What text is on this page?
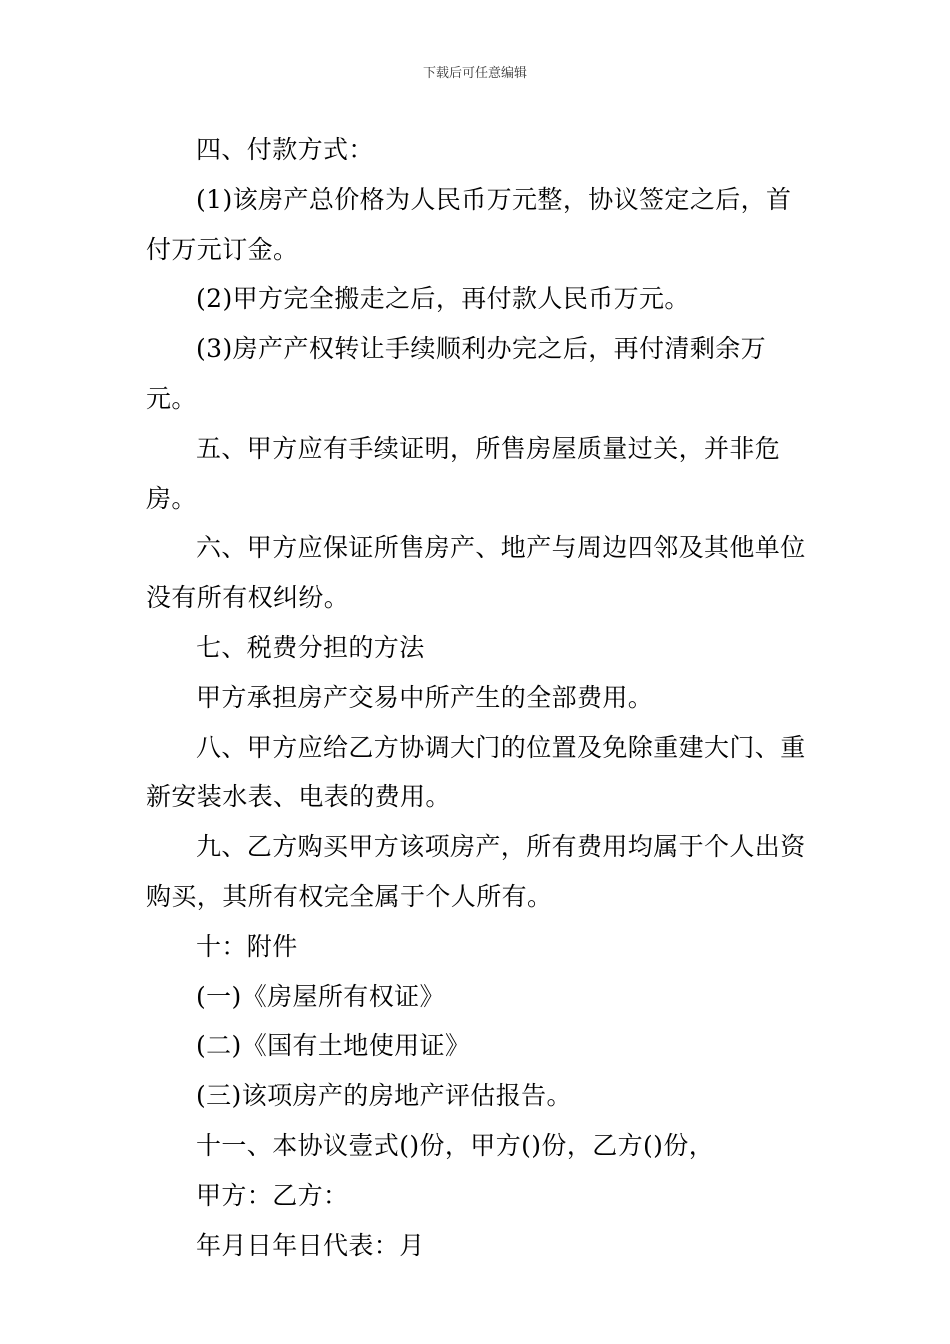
下载后可任意编辑

四、付款方式：

(1)该房产总价格为人民币万元整，协议签定之后，首付万元订金。

(2)甲方完全搬走之后，再付款人民币万元。

(3)房产产权转让手续顺利办完之后，再付清剩余万元。

五、甲方应有手续证明，所售房屋质量过关，并非危房。

六、甲方应保证所售房产、地产与周边四邻及其他单位没有所有权纠纷。

七、税费分担的方法

甲方承担房产交易中所产生的全部费用。

八、甲方应给乙方协调大门的位置及免除重建大门、重新安装水表、电表的费用。

九、乙方购买甲方该项房产，所有费用均属于个人出资购买，其所有权完全属于个人所有。

十：附件

(一)《房屋所有权证》

(二)《国有土地使用证》

(三)该项房产的房地产评估报告。

十一、本协议壹式()份，甲方()份，乙方()份，

甲方：乙方：

年月日年日代表：月
